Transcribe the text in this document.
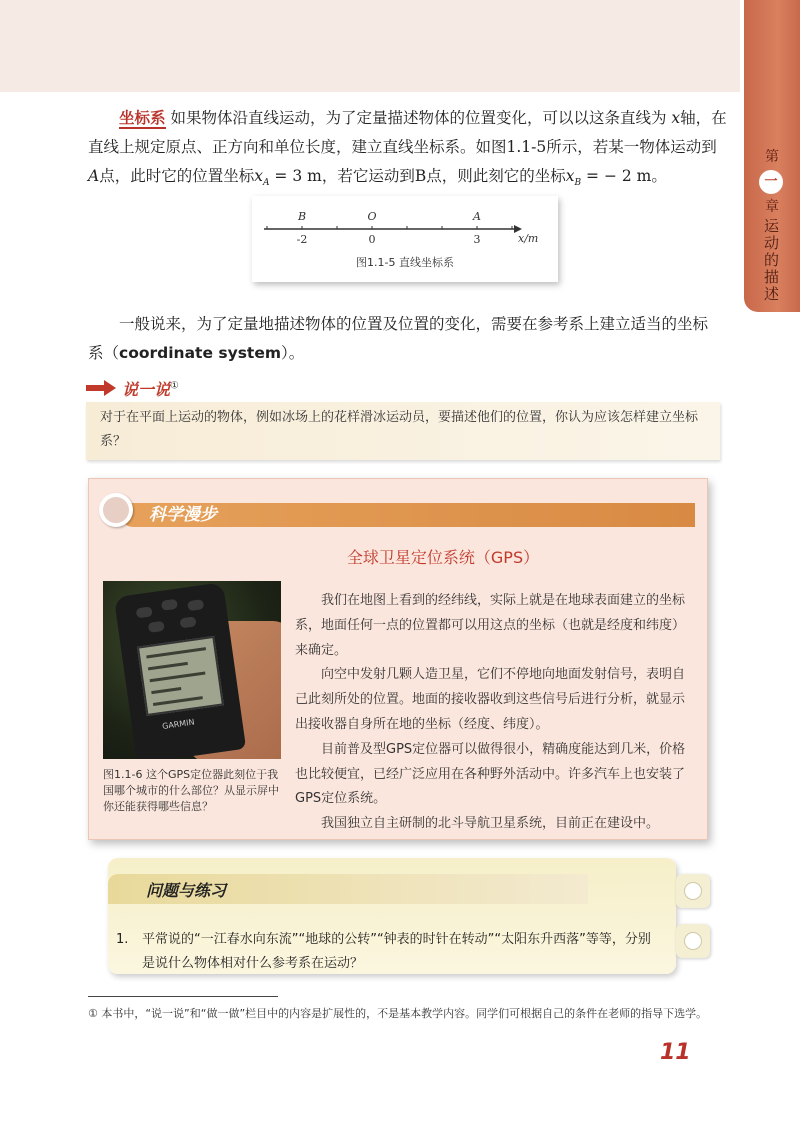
第
一
章
运动的描述
坐标系 如果物体沿直线运动，为了定量描述物体的位置变化，可以以这条直线为 x轴，在直线上规定原点、正方向和单位长度，建立直线坐标系。如图1.1-5所示，若某一物体运动到 A点，此时它的位置坐标$x_A = 3$ m，若它运动到B点，则此刻它的坐标$x_B$ = − 2 m。
B
-2
O
0
A
3	x/m
图1.1-5 直线坐标系
一般说来，为了定量地描述物体的位置及位置的变化，需要在参考系上建立适当的坐标
系（coordinate system）。
说一说①
对于在平面上运动的物体，例如冰场上的花样滑冰运动员，要描述他们的位置，你认为应该怎样建立坐标系？
科学漫步
全球卫星定位系统（GPS）
GARMIN
图1.1-6 这个GPS定位器此刻位于我国哪个城市的什么部位？从显示屏中你还能获得哪些信息？

我们在地图上看到的经纬线，实际上就是在地球表面建立的坐标系，地面任何一点的位置都可以用这点的坐标（也就是经度和纬度）来确定。

向空中发射几颗人造卫星，它们不停地向地面发射信号，表明自己此刻所处的位置。地面的接收器收到这些信号后进行分析，就显示出接收器自身所在地的坐标（经度、纬度）。

目前普及型GPS定位器可以做得很小，精确度能达到几米，价格也比较便宜，已经广泛应用在各种野外活动中。许多汽车上也安装了GPS定位系统。

我国独立自主研制的北斗导航卫星系统，目前正在建设中。

问题与练习
1. 平常说的“一江春水向东流”“地球的公转”“钟表的时针在转动”“太阳东升西落”等等，分别是说什么物体相对什么参考系在运动？
① 本书中，“说一说”和“做一做”栏目中的内容是扩展性的，不是基本教学内容。同学们可根据自己的条件在老师的指导下选学。
11
